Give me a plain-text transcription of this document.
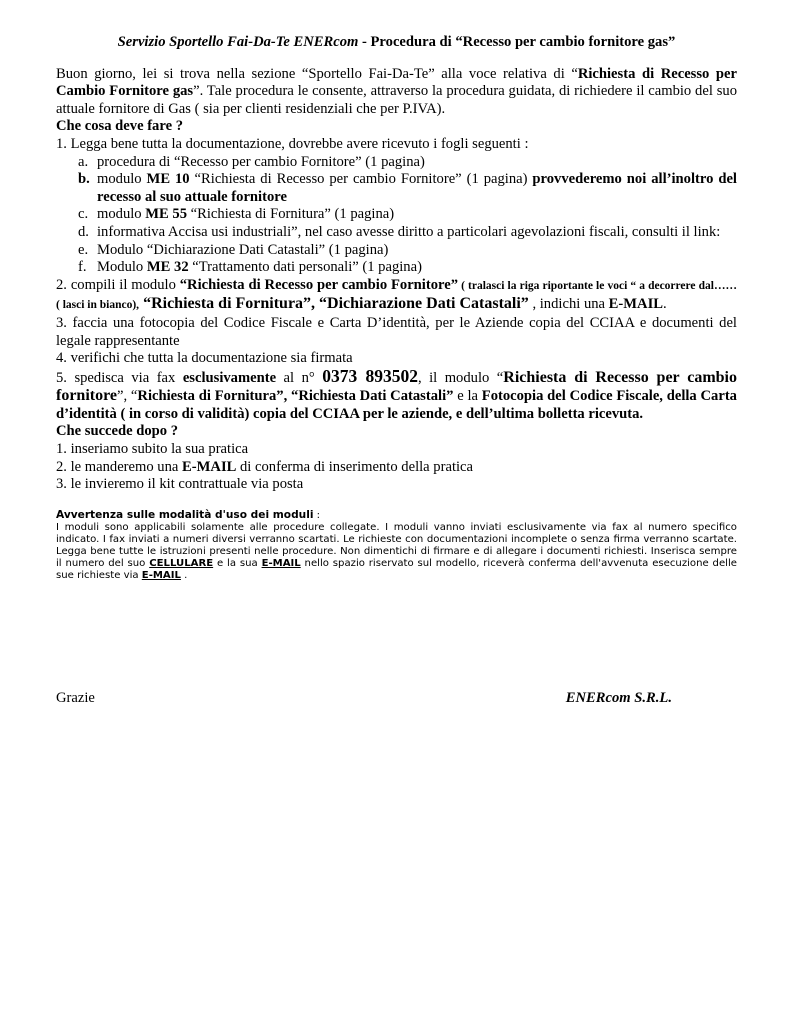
Servizio Sportello Fai-Da-Te ENERcom - Procedura di “Recesso per cambio fornitore gas”

Buon giorno, lei si trova nella sezione “Sportello Fai-Da-Te” alla voce relativa di “Richiesta di Recesso per Cambio Fornitore gas”. Tale procedura le consente, attraverso la procedura guidata, di richiedere il cambio del suo attuale fornitore di Gas ( sia per clienti residenziali che per P.IVA).

Che cosa deve fare ?

1. Legga bene tutta la documentazione, dovrebbe avere ricevuto i fogli seguenti :

a. procedura di “Recesso per cambio Fornitore” (1 pagina)
b. modulo ME 10 “Richiesta di Recesso per cambio Fornitore” (1 pagina) provvederemo noi all’inoltro del recesso al suo attuale fornitore
c. modulo ME 55 “Richiesta di Fornitura” (1 pagina)
d. informativa Accisa usi industriali”, nel caso avesse diritto a particolari agevolazioni fiscali, consulti il link:
e. Modulo “Dichiarazione Dati Catastali” (1 pagina)
f. Modulo ME 32 “Trattamento dati personali” (1 pagina)

2. compili il modulo “Richiesta di Recesso per cambio Fornitore” ( tralasci la riga riportante le voci “ a decorrere dal…… ( lasci in bianco), “Richiesta di Fornitura”, “Dichiarazione Dati Catastali” , indichi una E-MAIL.

3. faccia una fotocopia del Codice Fiscale e Carta D’identità, per le Aziende copia del CCIAA e documenti del legale rappresentante

4. verifichi che tutta la documentazione sia firmata

5. spedisca via fax esclusivamente al n° 0373 893502, il modulo “Richiesta di Recesso per cambio fornitore”, “Richiesta di Fornitura”, “Richiesta Dati Catastali” e la Fotocopia del Codice Fiscale, della Carta d’identità ( in corso di validità) copia del CCIAA per le aziende, e dell’ultima bolletta ricevuta.

Che succede dopo ?

1. inseriamo subito la sua pratica

2. le manderemo una E-MAIL di conferma di inserimento della pratica

3. le invieremo il kit contrattuale via posta

Avvertenza sulle modalità d'uso dei moduli :

I moduli sono applicabili solamente alle procedure collegate. I moduli vanno inviati esclusivamente via fax al numero specifico indicato. I fax inviati a numeri diversi verranno scartati. Le richieste con documentazioni incomplete o senza firma verranno scartate. Legga bene tutte le istruzioni presenti nelle procedure. Non dimentichi di firmare e di allegare i documenti richiesti. Inserisca sempre il numero del suo CELLULARE e la sua E-MAIL nello spazio riservato sul modello, riceverà conferma dell'avvenuta esecuzione delle sue richieste via E-MAIL .

Grazie	ENERcom S.R.L.
